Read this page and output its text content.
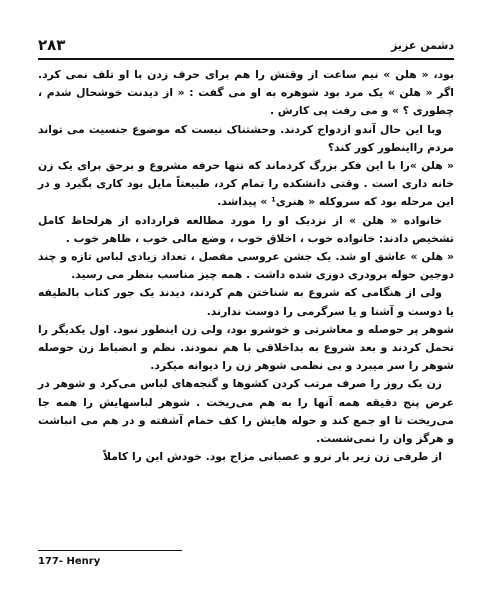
۲۸۳	دشمن عزیز

بود، « هلن » نیم ساعت از وقتش را هم برای حرف زدن با او تلف نمی کرد. اگر « هلن » یک مرد بود شوهره به او می گفت : « از دیدنت خوشحال شدم ، چطوری ؟ » و می رفت پی کارش .

وبا این حال آندو ازدواج کردند. وحشتناک نیست که موضوع جنسیت می تواند مردم رااینطور کور کند؟

« هلن »را با این فکر بزرگ کردماند که تنها حرفه مشروع و برحق برای یک زن خانه داری است . وقتی دانشکده را تمام کرد، طبیعتاً مایل بود کاری بگیرد و در این مرحله بود که سروکله « هنری¹ » پیداشد.

خانواده « هلن » از نزدیک او را مورد مطالعه قرارداده از هرلحاظ کامل تشخیص دادند: خانواده خوب ، اخلاق خوب ، وضع مالی خوب ، ظاهر خوب .

« هلن » عاشق او شد. یک جشن عروسی مفصل ، تعداد زیادی لباس تازه و چند دوجین حوله برودری دوزی شده داشت . همه چیز مناسب بنظر می رسید.

ولی از هنگامی که شروع به شناختن هم کردند، دیدند یک جور کتاب بالطیفه یا دوست و آشنا و یا سرگرمی را دوست ندارند.

شوهر پر حوصله و معاشرتی و خوشرو بود، ولی زن اینطور نبود. اول یکدیگر را تحمل کردند و بعد شروع به بداخلاقی با هم نمودند. نظم و انضباط زن حوصله شوهر را سر میبرد و بی نظمی شوهر زن را دیوانه میکرد.

زن یک روز را صرف مرتب کردن کشوها و گنجه‌های لباس می‌کرد و شوهر در عرض پنج دقیقه همه آنها را به هم می‌ریخت . شوهر لباسهایش را همه جا می‌ریخت تا او جمع کند و حوله هایش را کف حمام آشفته و در هم می انباشت و هرگز وان را نمی‌شست.

از طرفی زن زیر بار نرو و عصبانی مزاج بود. خودش این را کاملاً

177- Henry
